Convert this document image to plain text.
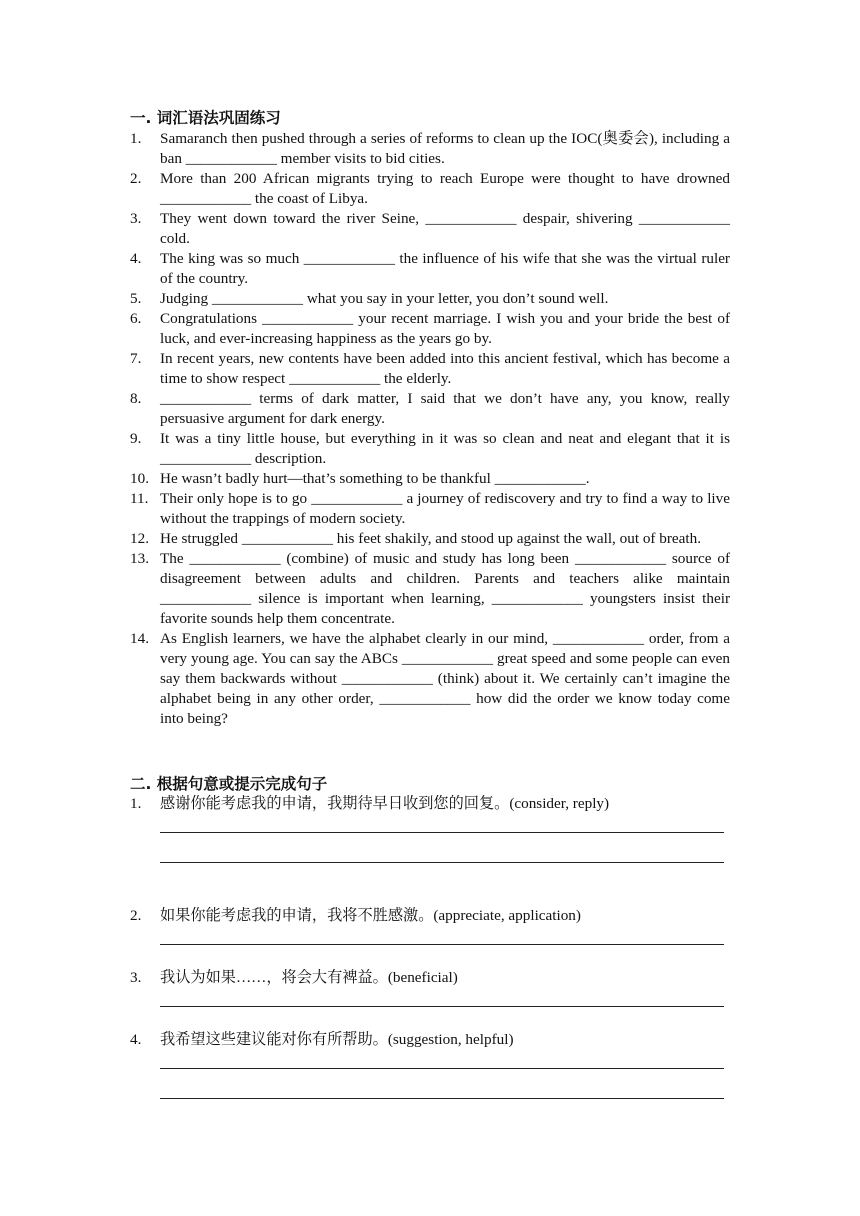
一. 词汇语法巩固练习
1.	Samaranch then pushed through a series of reforms to clean up the IOC(奥委会), including a ban ____________ member visits to bid cities.
2.	More than 200 African migrants trying to reach Europe were thought to have drowned ____________ the coast of Libya.
3.	They went down toward the river Seine, ____________ despair, shivering ____________ cold.
4.	The king was so much ____________ the influence of his wife that she was the virtual ruler of the country.
5.	Judging ____________ what you say in your letter, you don’t sound well.
6.	Congratulations ____________ your recent marriage. I wish you and your bride the best of luck, and ever-increasing happiness as the years go by.
7.	In recent years, new contents have been added into this ancient festival, which has become a time to show respect ____________ the elderly.
8.	____________ terms of dark matter, I said that we don’t have any, you know, really persuasive argument for dark energy.
9.	It was a tiny little house, but everything in it was so clean and neat and elegant that it is ____________ description.
10. He wasn’t badly hurt—that’s something to be thankful ____________.
11. Their only hope is to go ____________ a journey of rediscovery and try to find a way to live without the trappings of modern society.
12. He struggled ____________ his feet shakily, and stood up against the wall, out of breath.
13. The ____________ (combine) of music and study has long been ____________ source of disagreement between adults and children. Parents and teachers alike maintain ____________ silence is important when learning, ____________ youngsters insist their favorite sounds help them concentrate.
14. As English learners, we have the alphabet clearly in our mind, ____________ order, from a very young age. You can say the ABCs ____________ great speed and some people can even say them backwards without ____________ (think) about it. We certainly can’t imagine the alphabet being in any other order, ____________ how did the order we know today come into being?
二. 根据句意或提示完成句子
1.	感谢你能考虑我的申请，我期待早日收到您的回复。(consider, reply)
2.	如果你能考虑我的申请，我将不胜感激。(appreciate, application)
3.	我认为如果……，将会大有裨益。(beneficial)
4.	我希望这些建议能对你有所帮助。(suggestion, helpful)
